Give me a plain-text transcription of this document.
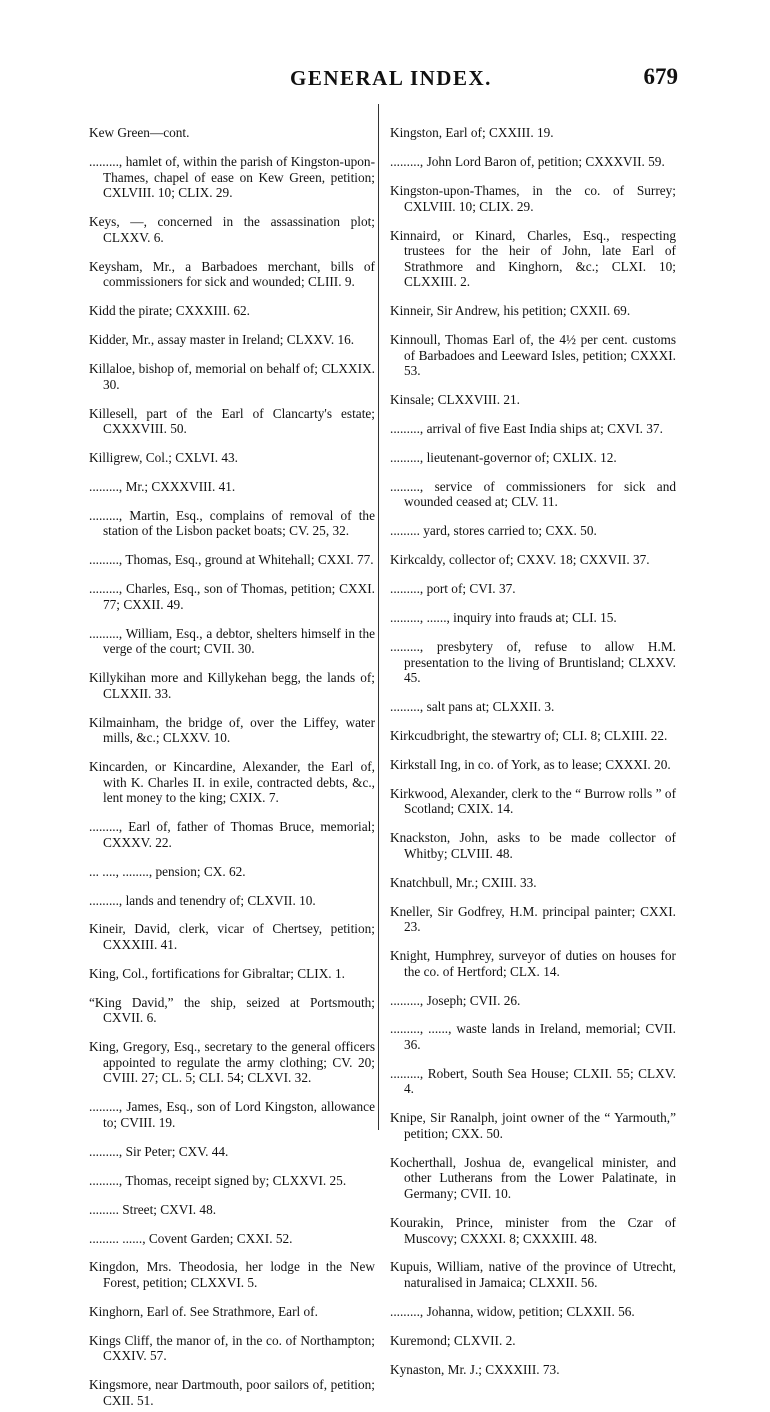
GENERAL INDEX.	679

Kew Green—cont.

........., hamlet of, within the parish of Kingston-upon-Thames, chapel of ease on Kew Green, petition; CXLVIII. 10; CLIX. 29.

Keys, —, concerned in the assassination plot; CLXXV. 6.

Keysham, Mr., a Barbadoes merchant, bills of commissioners for sick and wounded; CLIII. 9.

Kidd the pirate; CXXXIII. 62.

Kidder, Mr., assay master in Ireland; CLXXV. 16.

Killaloe, bishop of, memorial on behalf of; CLXXIX. 30.

Killesell, part of the Earl of Clancarty's estate; CXXXVIII. 50.

Killigrew, Col.; CXLVI. 43.

........., Mr.; CXXXVIII. 41.

........., Martin, Esq., complains of removal of the station of the Lisbon packet boats; CV. 25, 32.

........., Thomas, Esq., ground at Whitehall; CXXI. 77.

........., Charles, Esq., son of Thomas, petition; CXXI. 77; CXXII. 49.

........., William, Esq., a debtor, shelters himself in the verge of the court; CVII. 30.

Killykihan more and Killykehan begg, the lands of; CLXXII. 33.

Kilmainham, the bridge of, over the Liffey, water mills, &c.; CLXXV. 10.

Kincarden, or Kincardine, Alexander, the Earl of, with K. Charles II. in exile, contracted debts, &c., lent money to the king; CXIX. 7.

........., Earl of, father of Thomas Bruce, memorial; CXXXV. 22.

... ...., ........, pension; CX. 62.

........., lands and tenendry of; CLXVII. 10.

Kineir, David, clerk, vicar of Chertsey, petition; CXXXIII. 41.

King, Col., fortifications for Gibraltar; CLIX. 1.

“King David,” the ship, seized at Portsmouth; CXVII. 6.

King, Gregory, Esq., secretary to the general officers appointed to regulate the army clothing; CV. 20; CVIII. 27; CL. 5; CLI. 54; CLXVI. 32.

........., James, Esq., son of Lord Kingston, allowance to; CVIII. 19.

........., Sir Peter; CXV. 44.

........., Thomas, receipt signed by; CLXXVI. 25.

......... Street; CXVI. 48.

......... ......, Covent Garden; CXXI. 52.

Kingdon, Mrs. Theodosia, her lodge in the New Forest, petition; CLXXVI. 5.

Kinghorn, Earl of. See Strathmore, Earl of.

Kings Cliff, the manor of, in the co. of Northampton; CXXIV. 57.

Kingsmore, near Dartmouth, poor sailors of, petition; CXII. 51.

Kingston, Earl of; CXXIII. 19.

........., John Lord Baron of, petition; CXXXVII. 59.

Kingston-upon-Thames, in the co. of Surrey; CXLVIII. 10; CLIX. 29.

Kinnaird, or Kinard, Charles, Esq., respecting trustees for the heir of John, late Earl of Strathmore and Kinghorn, &c.; CLXI. 10; CLXXIII. 2.

Kinneir, Sir Andrew, his petition; CXXII. 69.

Kinnoull, Thomas Earl of, the 4½ per cent. customs of Barbadoes and Leeward Isles, petition; CXXXI. 53.

Kinsale; CLXXVIII. 21.

........., arrival of five East India ships at; CXVI. 37.

........., lieutenant-governor of; CXLIX. 12.

........., service of commissioners for sick and wounded ceased at; CLV. 11.

......... yard, stores carried to; CXX. 50.

Kirkcaldy, collector of; CXXV. 18; CXXVII. 37.

........., port of; CVI. 37.

........., ......, inquiry into frauds at; CLI. 15.

........., presbytery of, refuse to allow H.M. presentation to the living of Bruntisland; CLXXV. 45.

........., salt pans at; CLXXII. 3.

Kirkcudbright, the stewartry of; CLI. 8; CLXIII. 22.

Kirkstall Ing, in co. of York, as to lease; CXXXI. 20.

Kirkwood, Alexander, clerk to the “ Burrow rolls ” of Scotland; CXIX. 14.

Knackston, John, asks to be made collector of Whitby; CLVIII. 48.

Knatchbull, Mr.; CXIII. 33.

Kneller, Sir Godfrey, H.M. principal painter; CXXI. 23.

Knight, Humphrey, surveyor of duties on houses for the co. of Hertford; CLX. 14.

........., Joseph; CVII. 26.

........., ......, waste lands in Ireland, memorial; CVII. 36.

........., Robert, South Sea House; CLXII. 55; CLXV. 4.

Knipe, Sir Ranalph, joint owner of the “ Yarmouth,” petition; CXX. 50.

Kocherthall, Joshua de, evangelical minister, and other Lutherans from the Lower Palatinate, in Germany; CVII. 10.

Kourakin, Prince, minister from the Czar of Muscovy; CXXXI. 8; CXXXIII. 48.

Kupuis, William, native of the province of Utrecht, naturalised in Jamaica; CLXXII. 56.

........., Johanna, widow, petition; CLXXII. 56.

Kuremond; CLXVII. 2.

Kynaston, Mr. J.; CXXXIII. 73.
